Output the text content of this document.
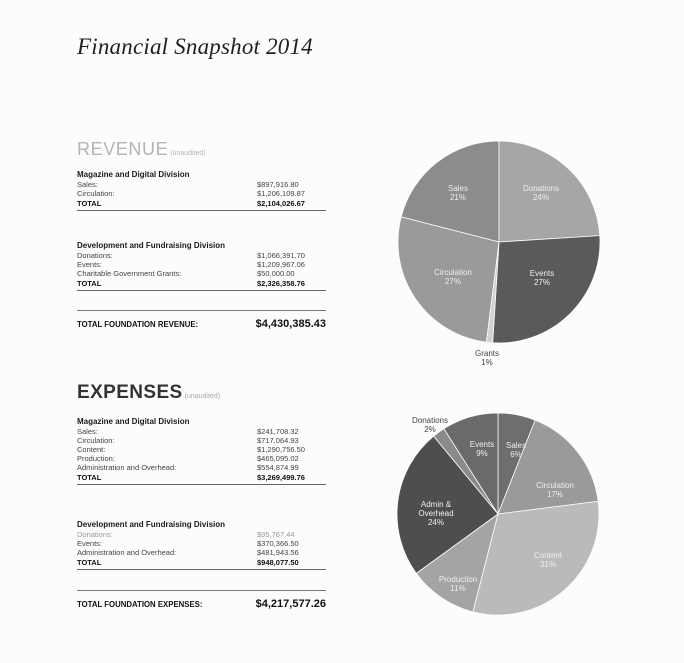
Financial Snapshot 2014
REVENUE (unaudited)
Magazine and Digital Division
Sales:	$897,916.80
Circulation:	$1,206,109.87
TOTAL	$2,104,026.67
Development and Fundraising Division
Donations:	$1,066,391.70
Events:	$1,209,967.06
Charitable Government Grants:	$50,000.00
TOTAL	$2,326,358.76
TOTAL FOUNDATION REVENUE:	$4,430,385.43
EXPENSES (unaudited)
Magazine and Digital Division
Sales:	$241,708.32
Circulation:	$717,064.93
Content:	$1,290,756.50
Production:	$465,095.02
Administration and Overhead:	$554,874.99
TOTAL	$3,269,499.76
Development and Fundraising Division
Donations:	$95,767.44
Events:	$370,366.50
Administration and Overhead:	$481,943.56
TOTAL	$948,077.50
TOTAL FOUNDATION EXPENSES:	$4,217,577.26
Sales
21%
Donations
24%
Events
27%
Grants
1%
Circulation
27%
Sales
6%
Circulation
17%
Content
31%
Production
11%
Admin & Overhead
24%
Donations
2%
Events
9%
